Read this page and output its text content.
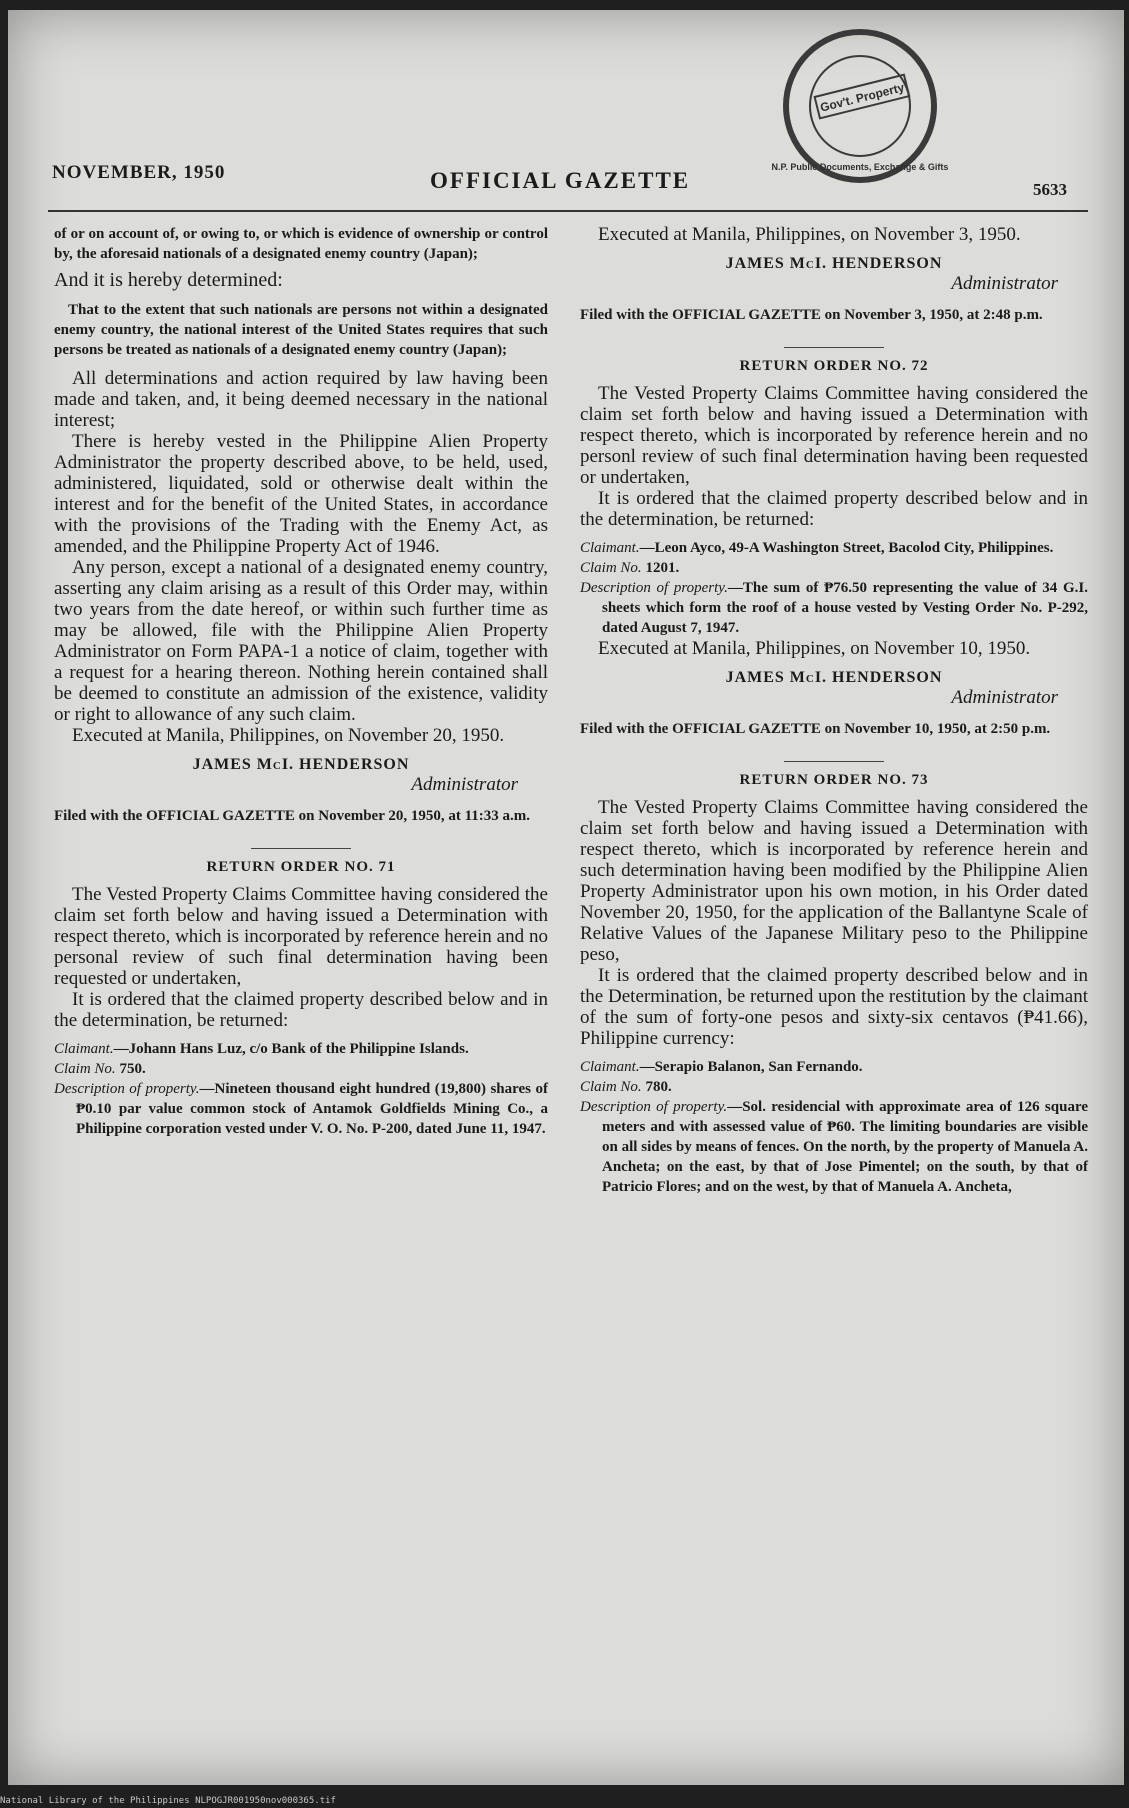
Gov't. Property
N.P. Public Documents, Exchange & Gifts
NOVEMBER, 1950	OFFICIAL GAZETTE	5633

of or on account of, or owing to, or which is evidence of ownership or control by, the aforesaid nationals of a designated enemy country (Japan);

And it is hereby determined:

That to the extent that such nationals are persons not within a designated enemy country, the national interest of the United States requires that such persons be treated as nationals of a designated enemy country (Japan);

All determinations and action required by law having been made and taken, and, it being deemed necessary in the national interest;

There is hereby vested in the Philippine Alien Property Administrator the property described above, to be held, used, administered, liquidated, sold or otherwise dealt within the interest and for the benefit of the United States, in accordance with the provisions of the Trading with the Enemy Act, as amended, and the Philippine Property Act of 1946.

Any person, except a national of a designated enemy country, asserting any claim arising as a result of this Order may, within two years from the date hereof, or within such further time as may be allowed, file with the Philippine Alien Property Administrator on Form PAPA-1 a notice of claim, together with a request for a hearing thereon. Nothing herein contained shall be deemed to constitute an admission of the existence, validity or right to allowance of any such claim.

Executed at Manila, Philippines, on November 20, 1950.

JAMES McI. HENDERSON
Administrator

Filed with the OFFICIAL GAZETTE on November 20, 1950, at 11:33 a.m.

RETURN ORDER NO. 71

The Vested Property Claims Committee having considered the claim set forth below and having issued a Determination with respect thereto, which is incorporated by reference herein and no personal review of such final determination having been requested or undertaken,

It is ordered that the claimed property described below and in the determination, be returned:

Claimant.—Johann Hans Luz, c/o Bank of the Philippine Islands.

Claim No. 750.

Description of property.—Nineteen thousand eight hundred (19,800) shares of ₱0.10 par value common stock of Antamok Goldfields Mining Co., a Philippine corporation vested under V. O. No. P-200, dated June 11, 1947.

Executed at Manila, Philippines, on November 3, 1950.

JAMES McI. HENDERSON
Administrator

Filed with the OFFICIAL GAZETTE on November 3, 1950, at 2:48 p.m.

RETURN ORDER NO. 72

The Vested Property Claims Committee having considered the claim set forth below and having issued a Determination with respect thereto, which is incorporated by reference herein and no personl review of such final determination having been requested or undertaken,

It is ordered that the claimed property described below and in the determination, be returned:

Claimant.—Leon Ayco, 49-A Washington Street, Bacolod City, Philippines.

Claim No. 1201.

Description of property.—The sum of ₱76.50 representing the value of 34 G.I. sheets which form the roof of a house vested by Vesting Order No. P-292, dated August 7, 1947.

Executed at Manila, Philippines, on November 10, 1950.

JAMES McI. HENDERSON
Administrator

Filed with the OFFICIAL GAZETTE on November 10, 1950, at 2:50 p.m.

RETURN ORDER NO. 73

The Vested Property Claims Committee having considered the claim set forth below and having issued a Determination with respect thereto, which is incorporated by reference herein and such determination having been modified by the Philippine Alien Property Administrator upon his own motion, in his Order dated November 20, 1950, for the application of the Ballantyne Scale of Relative Values of the Japanese Military peso to the Philippine peso,

It is ordered that the claimed property described below and in the Determination, be returned upon the restitution by the claimant of the sum of forty-one pesos and sixty-six centavos (₱41.66), Philippine currency:

Claimant.—Serapio Balanon, San Fernando.

Claim No. 780.

Description of property.—Sol. residencial with approximate area of 126 square meters and with assessed value of ₱60. The limiting boundaries are visible on all sides by means of fences. On the north, by the property of Manuela A. Ancheta; on the east, by that of Jose Pimentel; on the south, by that of Patricio Flores; and on the west, by that of Manuela A. Ancheta,

National Library of the Philippines NLPOGJR001950nov000365.tif
